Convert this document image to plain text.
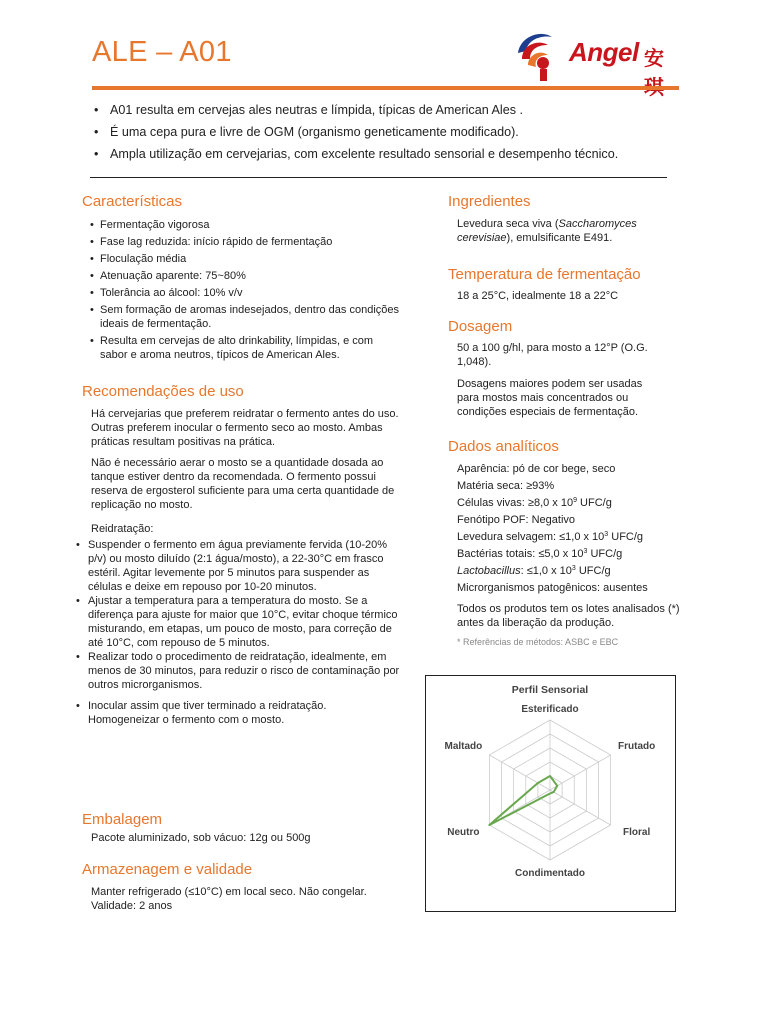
ALE – A01	Angel 安
• A01 resulta em cervejas ales neutras e límpida, típicas de American Ales .
• É uma cepa pura e livre de OGM (organismo geneticamente modificado).
• Ampla utilização em cervejarias, com excelente resultado sensorial e desempenho técnico.
Características
• Fermentação vigorosa
• Fase lag reduzida: início rápido de fermentação
• Floculação média
• Atenuação aparente: 75~80%
• Tolerância ao álcool: 10% v/v
• Sem formação de aromas indesejados, dentro das condições ideais de fermentação.
• Resulta em cervejas de alto drinkability, límpidas, e com sabor e aroma neutros, típicos de American Ales.
Recomendações de uso

Há cervejarias que preferem reidratar o fermento antes do uso. Outras preferem inocular o fermento seco ao mosto. Ambas práticas resultam positivas na prática.

Não é necessário aerar o mosto se a quantidade dosada ao tanque estiver dentro da recomendada. O fermento possui reserva de ergosterol suficiente para uma certa quantidade de replicação no mosto.

Reidratação:

• Suspender o fermento em água previamente fervida (10-20% p/v) ou mosto diluído (2:1 água/mosto), a 22-30°C em frasco estéril. Agitar levemente por 5 minutos para suspender as células e deixe em repouso por 10-20 minutos.
• Ajustar a temperatura para a temperatura do mosto. Se a diferença para ajuste for maior que 10°C, evitar choque térmico misturando, em etapas, um pouco de mosto, para correção de até 10°C, com repouso de 5 minutos.
• Realizar todo o procedimento de reidratação, idealmente, em menos de 30 minutos, para reduzir o risco de contaminação por outros microrganismos.
• Inocular assim que tiver terminado a reidratação. Homogeneizar o fermento com o mosto.
Embalagem

Pacote aluminizado, sob vácuo: 12g ou 500g

Armazenagem e validade

Manter refrigerado (≤10°C) em local seco. Não congelar.

Validade: 2 anos

Ingredientes

Levedura seca viva (Saccharomyces cerevisiae), emulsificante E491.

Temperatura de fermentação

18 a 25°C, idealmente 18 a 22°C

Dosagem

50 a 100 g/hl, para mosto a 12°P (O.G. 1,048).

Dosagens maiores podem ser usadas para mostos mais concentrados ou condições especiais de fermentação.

Dados analíticos
Aparência: pó de cor bege, seco
Matéria seca: ≥93%
Células vivas: ≥8,0 x $10^9$ UFC/g
Fenótipo POF: Negativo
Levedura selvagem: ≤1,0 x $10^3$ UFC/g
Bactérias totais: ≤5,0 x $10^3$ UFC/g
Lactobacillus: ≤1,0 x $10^3$ UFC/g
Microrganismos patogênicos: ausentes

Todos os produtos tem os lotes analisados (*) antes da liberação da produção.

* Referências de métodos: ASBC e EBC

Perfil Sensorial
Esterificado
Frutado
Floral
Condimentado
Neutro
Maltado
